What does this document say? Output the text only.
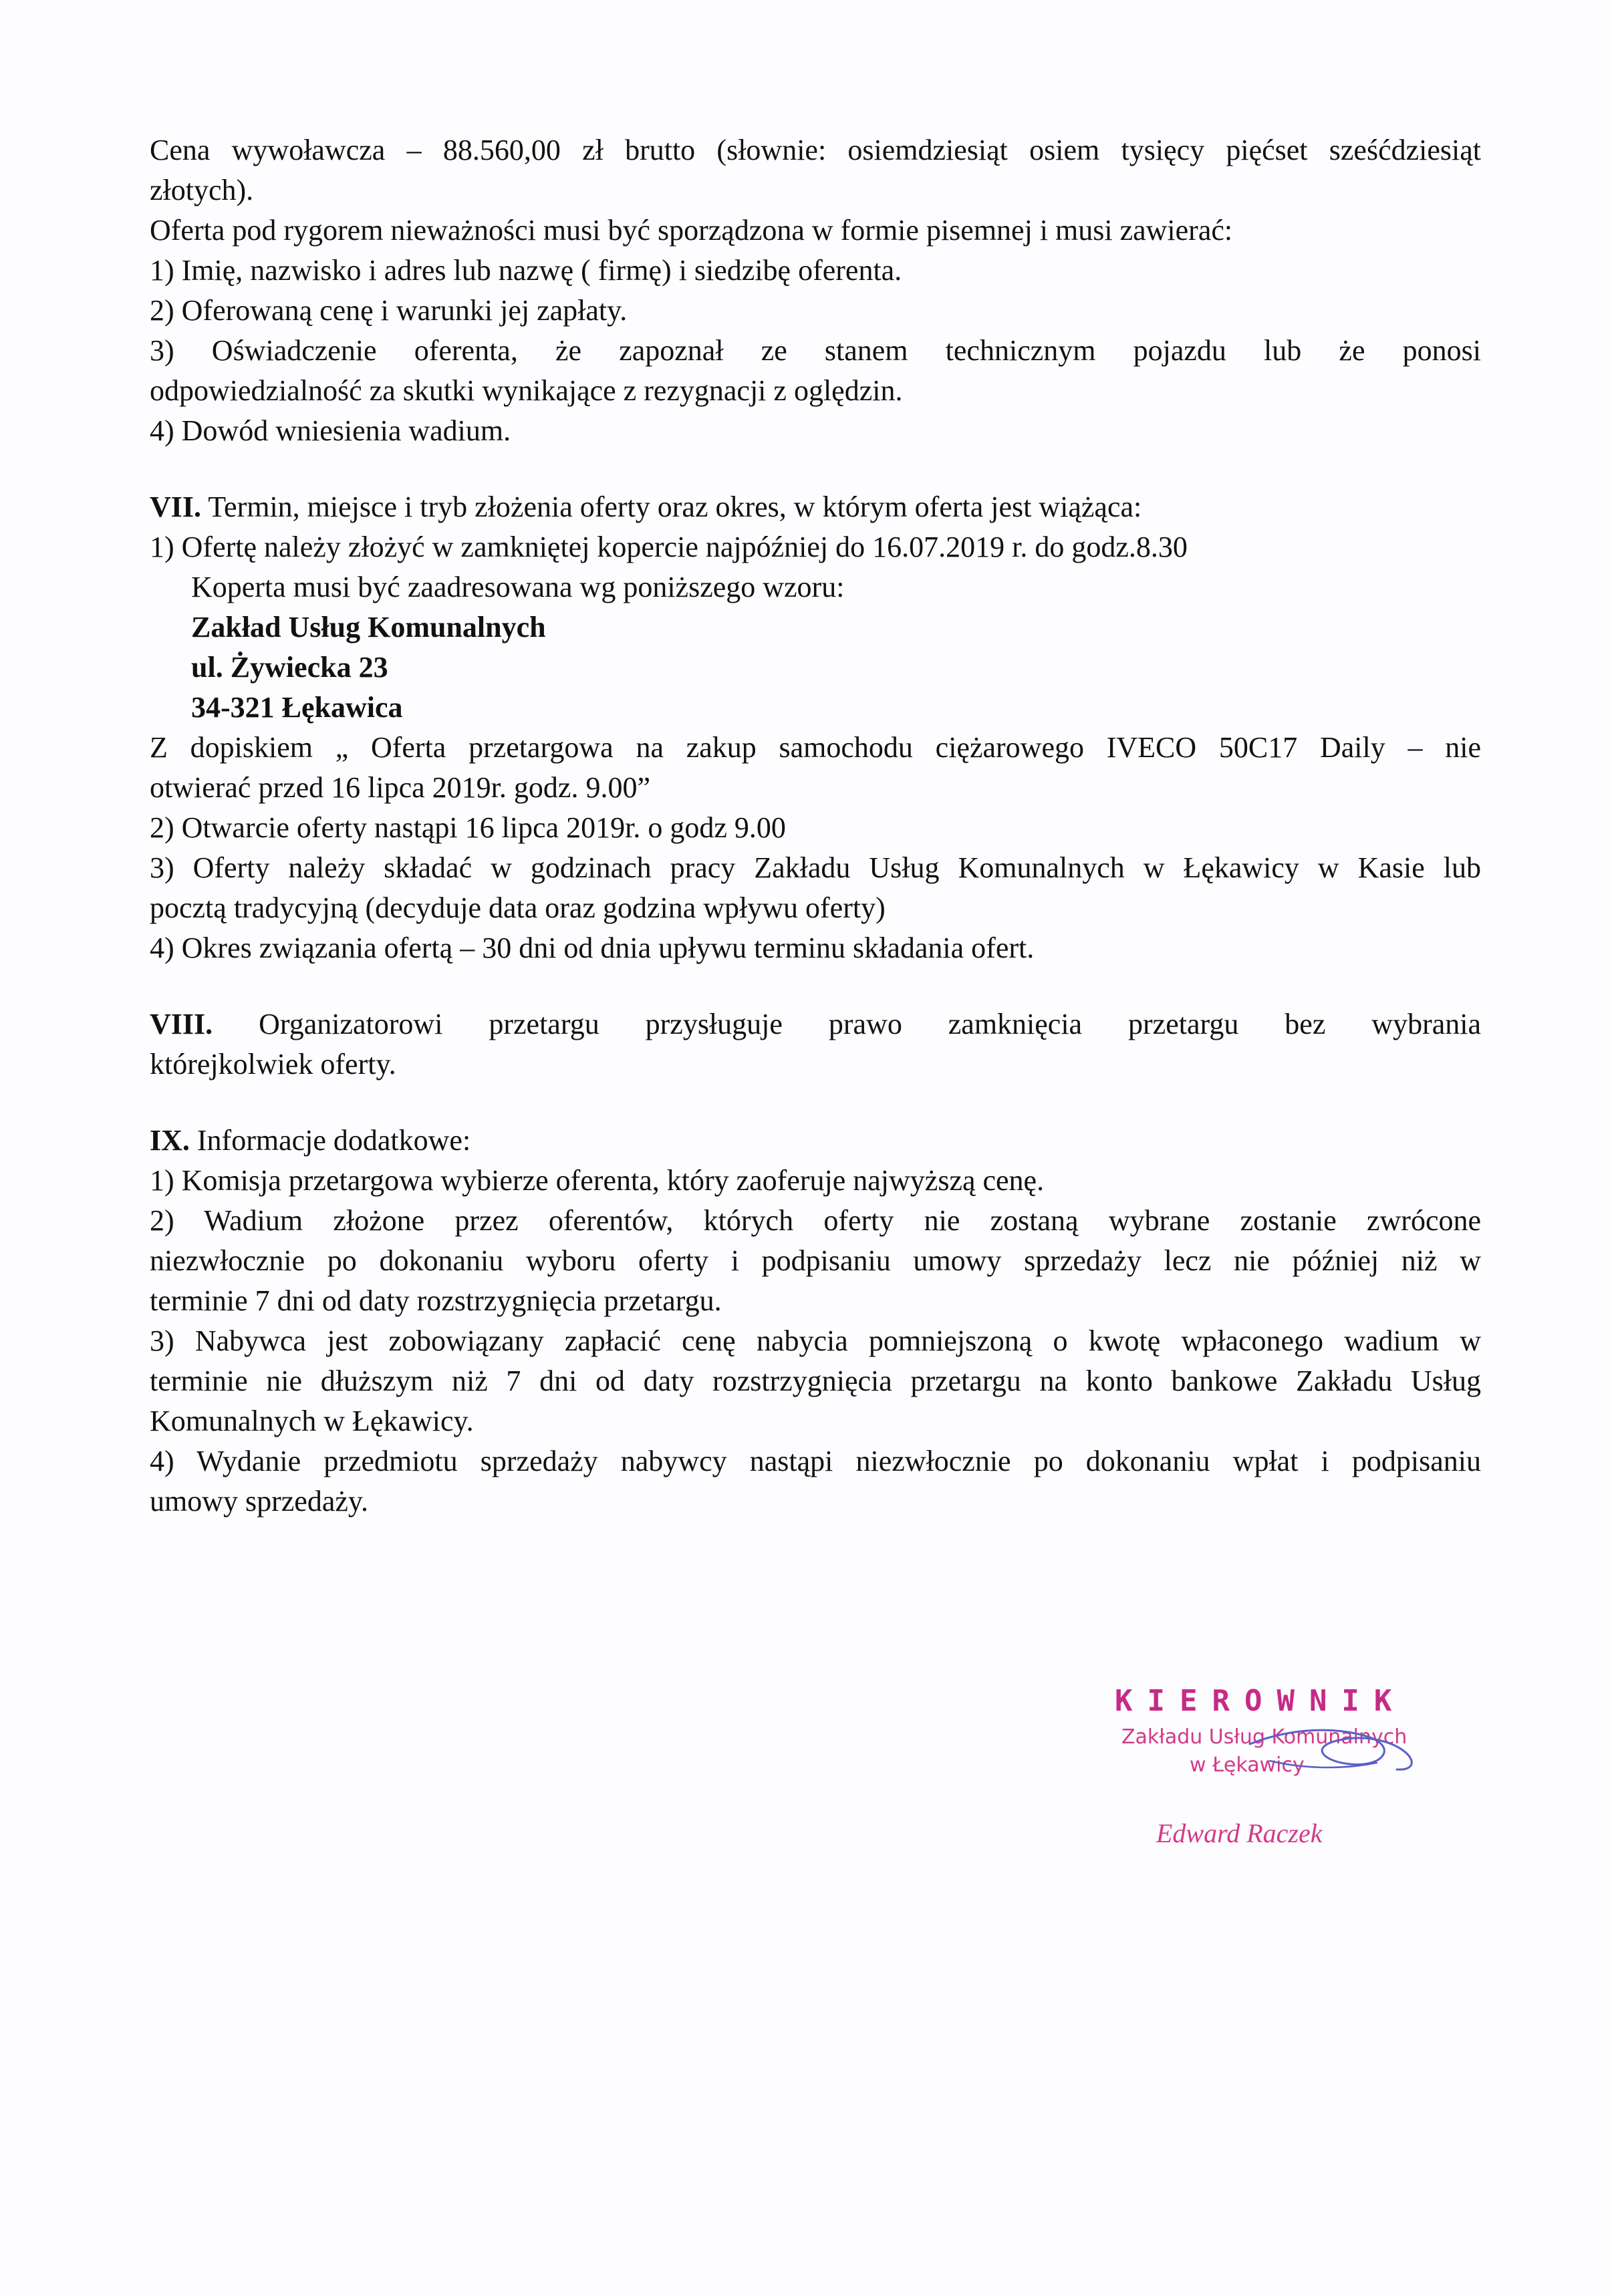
Cena wywoławcza – 88.560,00 zł brutto (słownie: osiemdziesiąt osiem tysięcy pięćset sześćdziesiąt
złotych).
Oferta pod rygorem nieważności musi być sporządzona w formie pisemnej i musi zawierać:
1) Imię, nazwisko i adres lub nazwę ( firmę) i siedzibę oferenta.
2) Oferowaną cenę i warunki jej zapłaty.
3) Oświadczenie oferenta, że zapoznał ze stanem technicznym pojazdu lub że ponosi
odpowiedzialność za skutki wynikające z rezygnacji z oględzin.
4) Dowód wniesienia wadium.
VII. Termin, miejsce i tryb złożenia oferty oraz okres, w którym oferta jest wiążąca:
1) Ofertę należy złożyć w zamkniętej kopercie najpóźniej do 16.07.2019 r. do godz.8.30
Koperta musi być zaadresowana wg poniższego wzoru:
Zakład Usług Komunalnych
ul. Żywiecka 23
34-321 Łękawica
Z dopiskiem „ Oferta przetargowa na zakup samochodu ciężarowego IVECO 50C17 Daily – nie
otwierać przed 16 lipca 2019r. godz. 9.00”
2) Otwarcie oferty nastąpi 16 lipca 2019r. o godz 9.00
3) Oferty należy składać w godzinach pracy Zakładu Usług Komunalnych w Łękawicy w Kasie lub
pocztą tradycyjną (decyduje data oraz godzina wpływu oferty)
4) Okres związania ofertą – 30 dni od dnia upływu terminu składania ofert.
VIII. Organizatorowi przetargu przysługuje prawo zamknięcia przetargu bez wybrania
którejkolwiek oferty.
IX. Informacje dodatkowe:
1) Komisja przetargowa wybierze oferenta, który zaoferuje najwyższą cenę.
2) Wadium złożone przez oferentów, których oferty nie zostaną wybrane zostanie zwrócone
niezwłocznie po dokonaniu wyboru oferty i podpisaniu umowy sprzedaży lecz nie później niż w
terminie 7 dni od daty rozstrzygnięcia przetargu.
3) Nabywca jest zobowiązany zapłacić cenę nabycia pomniejszoną o kwotę wpłaconego wadium w
terminie nie dłuższym niż 7 dni od daty rozstrzygnięcia przetargu na konto bankowe Zakładu Usług
Komunalnych w Łękawicy.
4) Wydanie przedmiotu sprzedaży nabywcy nastąpi niezwłocznie po dokonaniu wpłat i podpisaniu
umowy sprzedaży.
KIEROWNIK
Zakładu Usług Komunalnych
w Łękawicy
Edward Raczek
